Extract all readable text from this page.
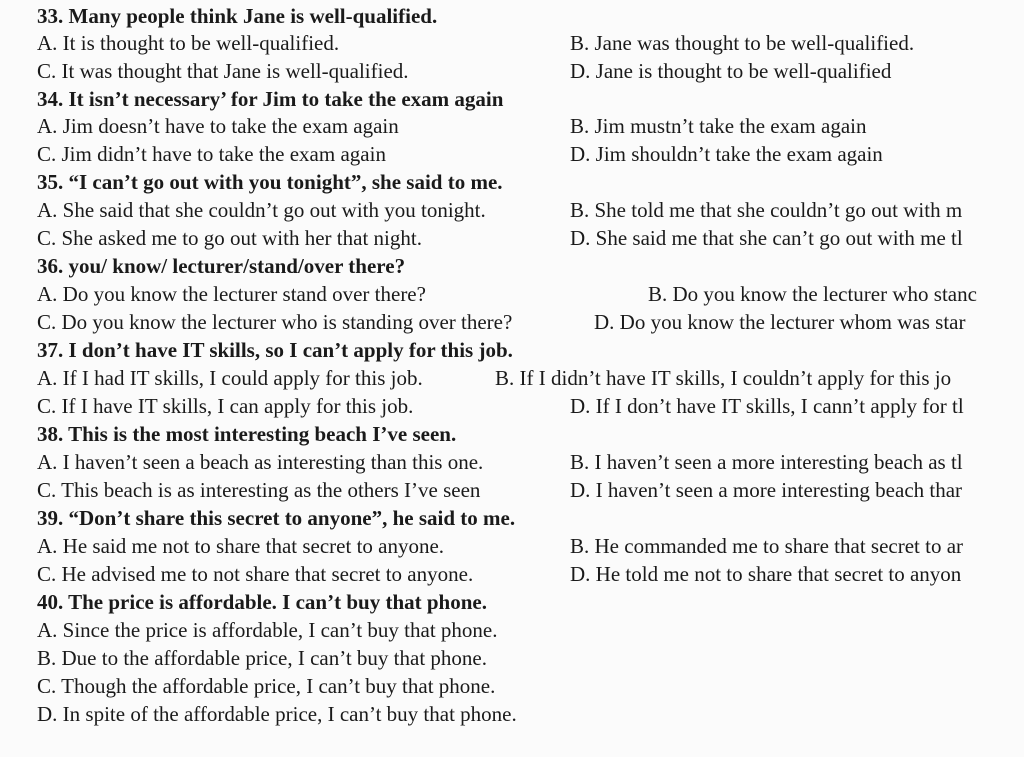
33. Many people think Jane is well-qualified.
A. It is thought to be well-qualified.	B. Jane was thought to be well-qualified.
C. It was thought that Jane is well-qualified.	D. Jane is thought to be well-qualified
34. It isn’t necessary’ for Jim to take the exam again
A. Jim doesn’t have to take the exam again	B. Jim mustn’t take the exam again
C. Jim didn’t have to take the exam again	D. Jim shouldn’t take the exam again
35. “I can’t go out with you tonight”, she said to me.
A. She said that she couldn’t go out with you tonight.	B. She told me that she couldn’t go out with m
C. She asked me to go out with her that night.	D. She said me that she can’t go out with me tl
36. you/ know/ lecturer/stand/over there?
A. Do you know the lecturer stand over there?	B. Do you know the lecturer who stanc
C. Do you know the lecturer who is standing over there?	D. Do you know the lecturer whom was star
37. I don’t have IT skills, so I can’t apply for this job.
A. If I had IT skills, I could apply for this job.	B. If I didn’t have IT skills, I couldn’t apply for this jo
C. If I have IT skills, I can apply for this job.	D. If I don’t have IT skills, I cann’t apply for tl
38. This is the most interesting beach I’ve seen.
A. I haven’t seen a beach as interesting than this one.	B. I haven’t seen a more interesting beach as tl
C. This beach is as interesting as the others I’ve seen	D. I haven’t seen a more interesting beach thar
39. “Don’t share this secret to anyone”, he said to me.
A. He said me not to share that secret to anyone.	B. He commanded me to share that secret to ar
C. He advised me to not share that secret to anyone.	D. He told me not to share that secret to anyon
40. The price is affordable. I can’t buy that phone.
A. Since the price is affordable, I can’t buy that phone.
B. Due to the affordable price, I can’t buy that phone.
C. Though the affordable price, I can’t buy that phone.
D. In spite of the affordable price, I can’t buy that phone.
